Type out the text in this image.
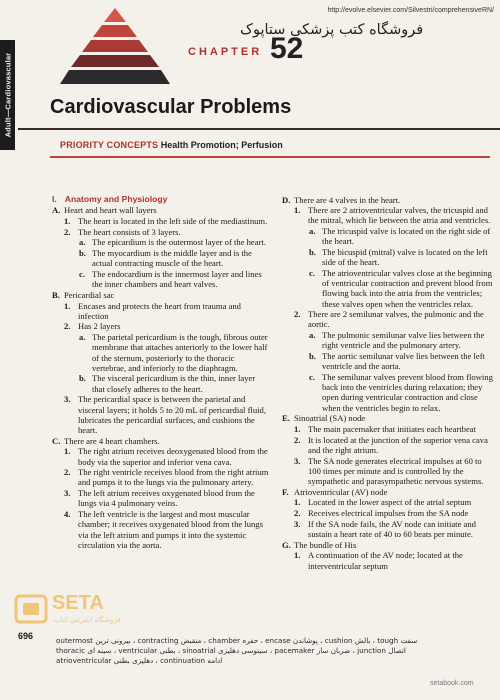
Adult—Cardiovascular
http://evolve.elsevier.com/Silvestri/comprehensiveRN/
فروشگاه کتب پزشکی ستاپوک
CHAPTER 52
Cardiovascular Problems
PRIORITY CONCEPTS Health Promotion; Perfusion
I. Anatomy and Physiology
A. Heart and heart wall layers
1. The heart is located in the left side of the mediastinum.
2. The heart consists of 3 layers.
a. The epicardium is the outermost layer of the heart.
b. The myocardium is the middle layer and is the actual contracting muscle of the heart.
c. The endocardium is the innermost layer and lines the inner chambers and heart valves.
B. Pericardial sac
1. Encases and protects the heart from trauma and infection
2. Has 2 layers
a. The parietal pericardium is the tough, fibrous outer membrane that attaches anteriorly to the lower half of the sternum, posteriorly to the thoracic vertebrae, and inferiorly to the diaphragm.
b. The visceral pericardium is the thin, inner layer that closely adheres to the heart.
3. The pericardial space is between the parietal and visceral layers; it holds 5 to 20 mL of pericardial fluid, lubricates the pericardial surfaces, and cushions the heart.
C. There are 4 heart chambers.
1. The right atrium receives deoxygenated blood from the body via the superior and inferior vena cava.
2. The right ventricle receives blood from the right atrium and pumps it to the lungs via the pulmonary artery.
3. The left atrium receives oxygenated blood from the lungs via 4 pulmonary veins.
4. The left ventricle is the largest and most muscular chamber; it receives oxygenated blood from the lungs via the left atrium and pumps it into the systemic circulation via the aorta.
D. There are 4 valves in the heart.
1. There are 2 atrioventricular valves, the tricuspid and the mitral, which lie between the atria and ventricles.
a. The tricuspid valve is located on the right side of the heart.
b. The bicuspid (mitral) valve is located on the left side of the heart.
c. The atrioventricular valves close at the beginning of ventricular contraction and prevent blood from flowing back into the atria from the ventricles; these valves open when the ventricles relax.
2. There are 2 semilunar valves, the pulmonic and the aortic.
a. The pulmonic semilunar valve lies between the right ventricle and the pulmonary artery.
b. The aortic semilunar valve lies between the left ventricle and the aorta.
c. The semilunar valves prevent blood from flowing back into the ventricles during relaxation; they open during ventricular contraction and close when the ventricles begin to relax.
E. Sinoatrial (SA) node
1. The main pacemaker that initiates each heartbeat
2. It is located at the junction of the superior vena cava and the right atrium.
3. The SA node generates electrical impulses at 60 to 100 times per minute and is controlled by the sympathetic and parasympathetic nervous systems.
F. Atrioventricular (AV) node
1. Located in the lower aspect of the atrial septum
2. Receives electrical impulses from the SA node
3. If the SA node fails, the AV node can initiate and sustain a heart rate of 40 to 60 beats per minute.
G. The bundle of His
1. A continuation of the AV node; located at the interventricular septum
SETA
فروشگاه اینترنتی کتاب
696	outermost بیرونی ترین ، contracting منقبض ، chamber حفره ، encase پوشاندن ، cushion بالش ، tough سفت
thoracic سینه ای ، ventricular بطنی ، sinoatrial سینوسی دهلیزی ، pacemaker ضربان ساز ، junction اتصال
atrioventricular دهلیزی بطنی ، continuation ادامه
setabook.com
